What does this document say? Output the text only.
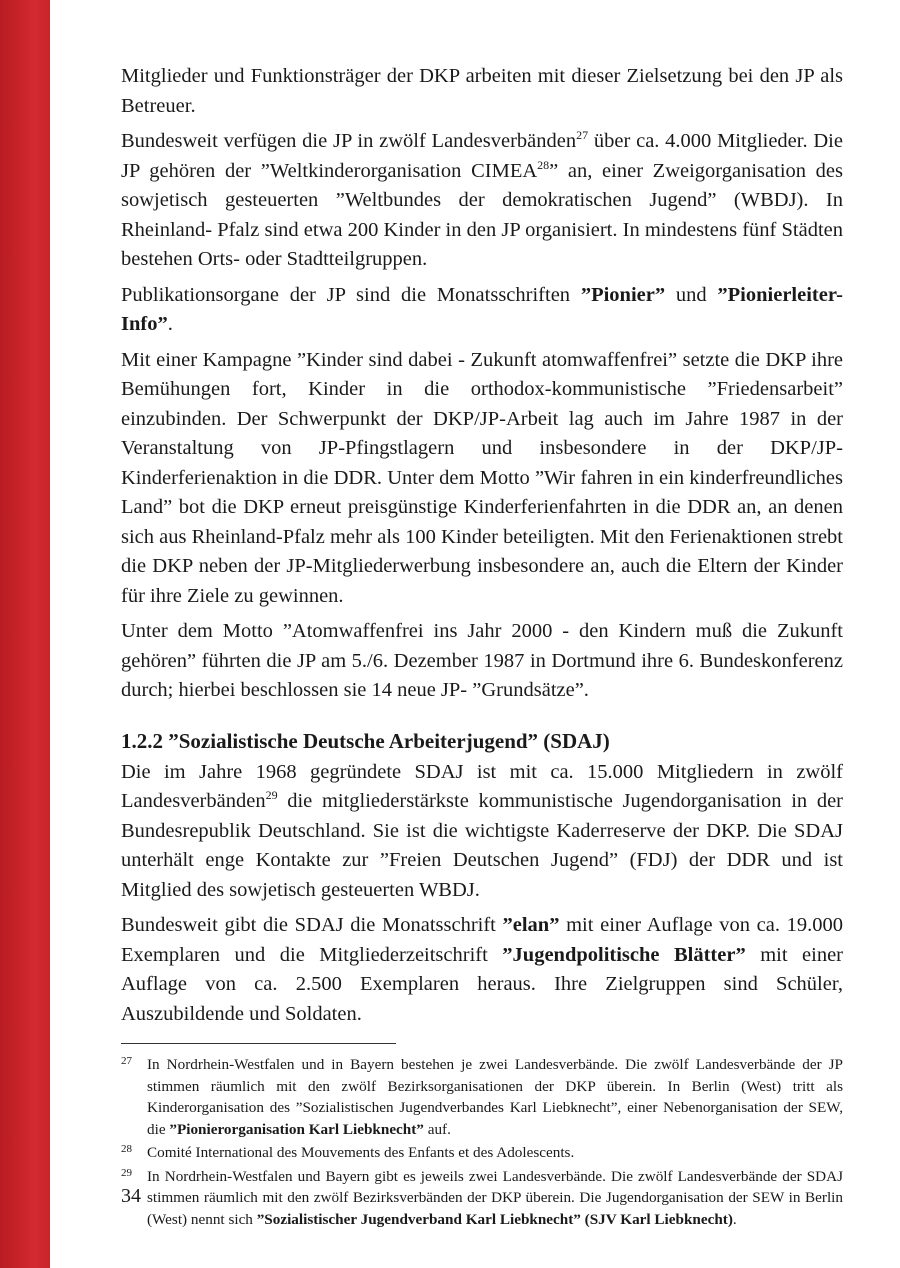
Mitglieder und Funktionsträger der DKP arbeiten mit dieser Zielsetzung bei den JP als Betreuer.

Bundesweit verfügen die JP in zwölf Landesverbänden$^{27}$ über ca. 4.000 Mitglieder. Die JP gehören der ”Weltkinderorganisation CIMEA$^{28}$” an, einer Zweigorganisation des sowjetisch gesteuerten ”Weltbundes der demokratischen Jugend” (WBDJ). In Rheinland- Pfalz sind etwa 200 Kinder in den JP organisiert. In mindestens fünf Städten bestehen Orts- oder Stadtteilgruppen.

Publikationsorgane der JP sind die Monatsschriften ”Pionier” und ”Pionierleiter-Info”.

Mit einer Kampagne ”Kinder sind dabei - Zukunft atomwaffenfrei” setzte die DKP ihre Bemühungen fort, Kinder in die orthodox-kommunistische ”Friedensarbeit” einzubinden. Der Schwerpunkt der DKP/JP-Arbeit lag auch im Jahre 1987 in der Veranstaltung von JP-Pfingstlagern und insbesondere in der DKP/JP-Kinderferienaktion in die DDR. Unter dem Motto ”Wir fahren in ein kinderfreundliches Land” bot die DKP erneut preisgünstige Kinderferienfahrten in die DDR an, an denen sich aus Rheinland-Pfalz mehr als 100 Kinder beteiligten. Mit den Ferienaktionen strebt die DKP neben der JP-Mitgliederwerbung insbesondere an, auch die Eltern der Kinder für ihre Ziele zu gewinnen.

Unter dem Motto ”Atomwaffenfrei ins Jahr 2000 - den Kindern muß die Zukunft gehören” führten die JP am 5./6. Dezember 1987 in Dortmund ihre 6. Bundeskonferenz durch; hierbei beschlossen sie 14 neue JP- ”Grundsätze”.

1.2.2 ”Sozialistische Deutsche Arbeiterjugend” (SDAJ)

Die im Jahre 1968 gegründete SDAJ ist mit ca. 15.000 Mitgliedern in zwölf Landesverbänden$^{29}$ die mitgliederstärkste kommunistische Jugendorganisation in der Bundesrepublik Deutschland. Sie ist die wichtigste Kaderreserve der DKP. Die SDAJ unterhält enge Kontakte zur ”Freien Deutschen Jugend” (FDJ) der DDR und ist Mitglied des sowjetisch gesteuerten WBDJ.

Bundesweit gibt die SDAJ die Monatsschrift ”elan” mit einer Auflage von ca. 19.000 Exemplaren und die Mitgliederzeitschrift ”Jugendpolitische Blätter” mit einer Auflage von ca. 2.500 Exemplaren heraus. Ihre Zielgruppen sind Schüler, Auszubildende und Soldaten.

27 In Nordrhein-Westfalen und in Bayern bestehen je zwei Landesverbände. Die zwölf Landesverbände der JP stimmen räumlich mit den zwölf Bezirksorganisationen der DKP überein. In Berlin (West) tritt als Kinderorganisation des ”Sozialistischen Jugendverbandes Karl Liebknecht”, einer Nebenorganisation der SEW, die ”Pionierorganisation Karl Liebknecht” auf.

28 Comité International des Mouvements des Enfants et des Adolescents.

29 In Nordrhein-Westfalen und Bayern gibt es jeweils zwei Landesverbände. Die zwölf Landesverbände der SDAJ stimmen räumlich mit den zwölf Bezirksverbänden der DKP überein. Die Jugendorganisation der SEW in Berlin (West) nennt sich ”Sozialistischer Jugendverband Karl Liebknecht” (SJV Karl Liebknecht).

34
